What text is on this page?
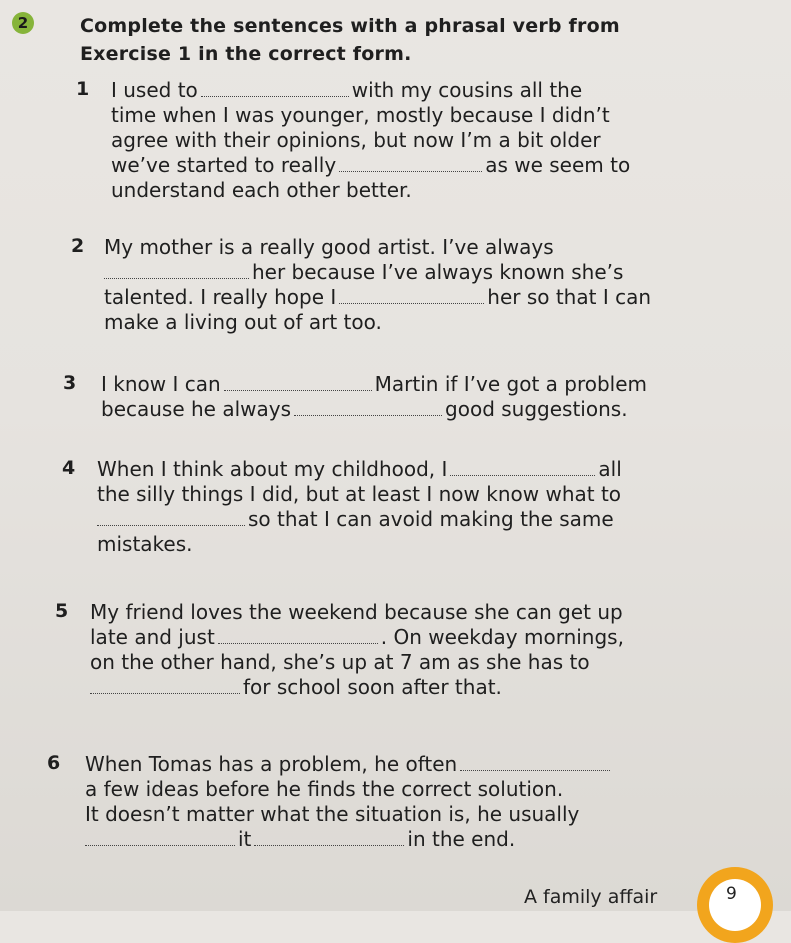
2	Complete the sentences with a phrasal verb from
Exercise 1 in the correct form.
1 I used to	with my cousins all the
time when I was younger, mostly because I didn’t
agree with their opinions, but now I’m a bit older
we’ve started to really	as we seem to
understand each other better.
2 My mother is a really good artist. I’ve always
her because I’ve always known she’s
talented. I really hope I	her so that I can
make a living out of art too.
3 I know I can	Martin if I’ve got a problem
because he always	good suggestions.
4 When I think about my childhood, I	all
the silly things I did, but at least I now know what to
so that I can avoid making the same
mistakes.
5 My friend loves the weekend because she can get up
late and just	. On weekday mornings,
on the other hand, she’s up at 7 am as she has to
for school soon after that.
6 When Tomas has a problem, he often
a few ideas before he finds the correct solution.
It doesn’t matter what the situation is, he usually
it	in the end.
A family affair	9
